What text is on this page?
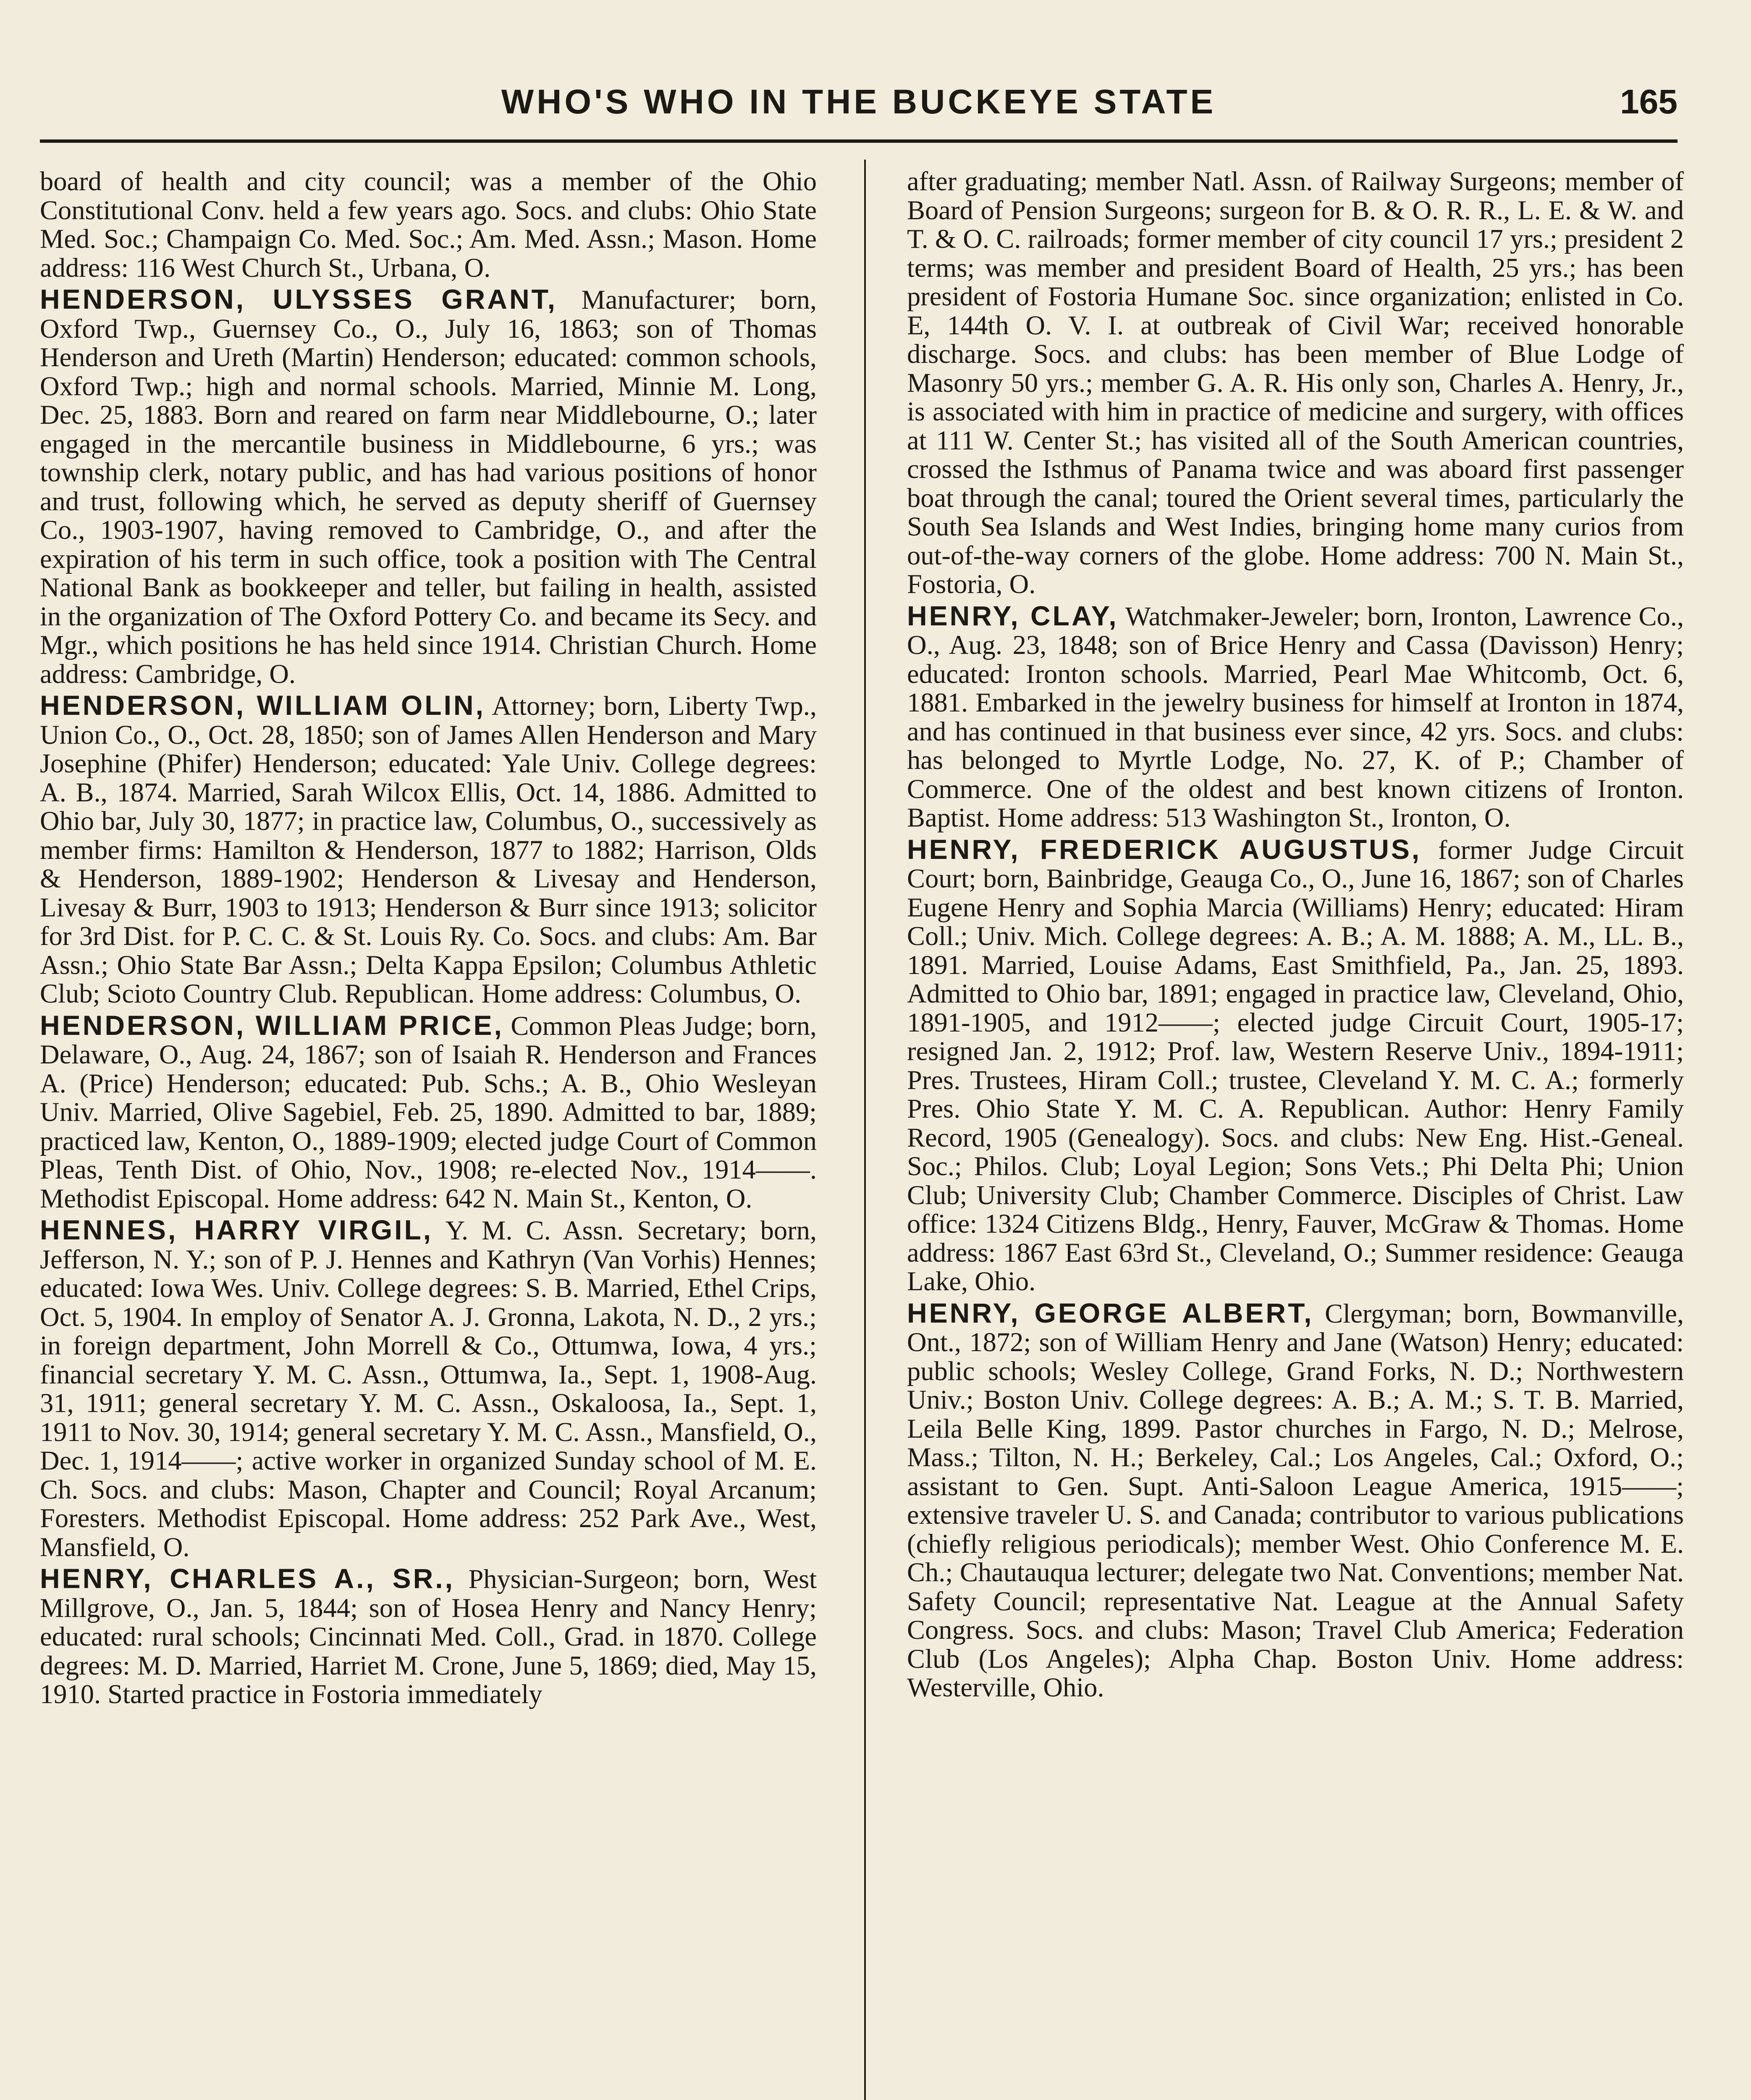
WHO'S WHO IN THE BUCKEYE STATE	165

board of health and city council; was a member of the Ohio Constitutional Conv. held a few years ago. Socs. and clubs: Ohio State Med. Soc.; Champaign Co. Med. Soc.; Am. Med. Assn.; Mason. Home address: 116 West Church St., Urbana, O.

HENDERSON, ULYSSES GRANT, Manufacturer; born, Oxford Twp., Guernsey Co., O., July 16, 1863; son of Thomas Henderson and Ureth (Martin) Henderson; educated: common schools, Oxford Twp.; high and normal schools. Married, Minnie M. Long, Dec. 25, 1883. Born and reared on farm near Middlebourne, O.; later engaged in the mercantile business in Middlebourne, 6 yrs.; was township clerk, notary public, and has had various positions of honor and trust, following which, he served as deputy sheriff of Guernsey Co., 1903-1907, having removed to Cambridge, O., and after the expiration of his term in such office, took a position with The Central National Bank as bookkeeper and teller, but failing in health, assisted in the organization of The Oxford Pottery Co. and became its Secy. and Mgr., which positions he has held since 1914. Christian Church. Home address: Cambridge, O.

HENDERSON, WILLIAM OLIN, Attorney; born, Liberty Twp., Union Co., O., Oct. 28, 1850; son of James Allen Henderson and Mary Josephine (Phifer) Henderson; educated: Yale Univ. College degrees: A. B., 1874. Married, Sarah Wilcox Ellis, Oct. 14, 1886. Admitted to Ohio bar, July 30, 1877; in practice law, Columbus, O., successively as member firms: Hamilton & Henderson, 1877 to 1882; Harrison, Olds & Henderson, 1889-1902; Henderson & Livesay and Henderson, Livesay & Burr, 1903 to 1913; Henderson & Burr since 1913; solicitor for 3rd Dist. for P. C. C. & St. Louis Ry. Co. Socs. and clubs: Am. Bar Assn.; Ohio State Bar Assn.; Delta Kappa Epsilon; Columbus Athletic Club; Scioto Country Club. Republican. Home address: Columbus, O.

HENDERSON, WILLIAM PRICE, Common Pleas Judge; born, Delaware, O., Aug. 24, 1867; son of Isaiah R. Henderson and Frances A. (Price) Henderson; educated: Pub. Schs.; A. B., Ohio Wesleyan Univ. Married, Olive Sagebiel, Feb. 25, 1890. Admitted to bar, 1889; practiced law, Kenton, O., 1889-1909; elected judge Court of Common Pleas, Tenth Dist. of Ohio, Nov., 1908; re-elected Nov., 1914——. Methodist Episcopal. Home address: 642 N. Main St., Kenton, O.

HENNES, HARRY VIRGIL, Y. M. C. Assn. Secretary; born, Jefferson, N. Y.; son of P. J. Hennes and Kathryn (Van Vorhis) Hennes; educated: Iowa Wes. Univ. College degrees: S. B. Married, Ethel Crips, Oct. 5, 1904. In employ of Senator A. J. Gronna, Lakota, N. D., 2 yrs.; in foreign department, John Morrell & Co., Ottumwa, Iowa, 4 yrs.; financial secretary Y. M. C. Assn., Ottumwa, Ia., Sept. 1, 1908-Aug. 31, 1911; general secretary Y. M. C. Assn., Oskaloosa, Ia., Sept. 1, 1911 to Nov. 30, 1914; general secretary Y. M. C. Assn., Mansfield, O., Dec. 1, 1914——; active worker in organized Sunday school of M. E. Ch. Socs. and clubs: Mason, Chapter and Council; Royal Arcanum; Foresters. Methodist Episcopal. Home address: 252 Park Ave., West, Mansfield, O.

HENRY, CHARLES A., SR., Physician-Surgeon; born, West Millgrove, O., Jan. 5, 1844; son of Hosea Henry and Nancy Henry; educated: rural schools; Cincinnati Med. Coll., Grad. in 1870. College degrees: M. D. Married, Harriet M. Crone, June 5, 1869; died, May 15, 1910. Started practice in Fostoria immediately

after graduating; member Natl. Assn. of Railway Surgeons; member of Board of Pension Surgeons; surgeon for B. & O. R. R., L. E. & W. and T. & O. C. railroads; former member of city council 17 yrs.; president 2 terms; was member and president Board of Health, 25 yrs.; has been president of Fostoria Humane Soc. since organization; enlisted in Co. E, 144th O. V. I. at outbreak of Civil War; received honorable discharge. Socs. and clubs: has been member of Blue Lodge of Masonry 50 yrs.; member G. A. R. His only son, Charles A. Henry, Jr., is associated with him in practice of medicine and surgery, with offices at 111 W. Center St.; has visited all of the South American countries, crossed the Isthmus of Panama twice and was aboard first passenger boat through the canal; toured the Orient several times, particularly the South Sea Islands and West Indies, bringing home many curios from out-of-the-way corners of the globe. Home address: 700 N. Main St., Fostoria, O.

HENRY, CLAY, Watchmaker-Jeweler; born, Ironton, Lawrence Co., O., Aug. 23, 1848; son of Brice Henry and Cassa (Davisson) Henry; educated: Ironton schools. Married, Pearl Mae Whitcomb, Oct. 6, 1881. Embarked in the jewelry business for himself at Ironton in 1874, and has continued in that business ever since, 42 yrs. Socs. and clubs: has belonged to Myrtle Lodge, No. 27, K. of P.; Chamber of Commerce. One of the oldest and best known citizens of Ironton. Baptist. Home address: 513 Washington St., Ironton, O.

HENRY, FREDERICK AUGUSTUS, former Judge Circuit Court; born, Bainbridge, Geauga Co., O., June 16, 1867; son of Charles Eugene Henry and Sophia Marcia (Williams) Henry; educated: Hiram Coll.; Univ. Mich. College degrees: A. B.; A. M. 1888; A. M., LL. B., 1891. Married, Louise Adams, East Smithfield, Pa., Jan. 25, 1893. Admitted to Ohio bar, 1891; engaged in practice law, Cleveland, Ohio, 1891-1905, and 1912——; elected judge Circuit Court, 1905-17; resigned Jan. 2, 1912; Prof. law, Western Reserve Univ., 1894-1911; Pres. Trustees, Hiram Coll.; trustee, Cleveland Y. M. C. A.; formerly Pres. Ohio State Y. M. C. A. Republican. Author: Henry Family Record, 1905 (Genealogy). Socs. and clubs: New Eng. Hist.-Geneal. Soc.; Philos. Club; Loyal Legion; Sons Vets.; Phi Delta Phi; Union Club; University Club; Chamber Commerce. Disciples of Christ. Law office: 1324 Citizens Bldg., Henry, Fauver, McGraw & Thomas. Home address: 1867 East 63rd St., Cleveland, O.; Summer residence: Geauga Lake, Ohio.

HENRY, GEORGE ALBERT, Clergyman; born, Bowmanville, Ont., 1872; son of William Henry and Jane (Watson) Henry; educated: public schools; Wesley College, Grand Forks, N. D.; Northwestern Univ.; Boston Univ. College degrees: A. B.; A. M.; S. T. B. Married, Leila Belle King, 1899. Pastor churches in Fargo, N. D.; Melrose, Mass.; Tilton, N. H.; Berkeley, Cal.; Los Angeles, Cal.; Oxford, O.; assistant to Gen. Supt. Anti-Saloon League America, 1915——; extensive traveler U. S. and Canada; contributor to various publications (chiefly religious periodicals); member West. Ohio Conference M. E. Ch.; Chautauqua lecturer; delegate two Nat. Conventions; member Nat. Safety Council; representative Nat. League at the Annual Safety Congress. Socs. and clubs: Mason; Travel Club America; Federation Club (Los Angeles); Alpha Chap. Boston Univ. Home address: Westerville, Ohio.
